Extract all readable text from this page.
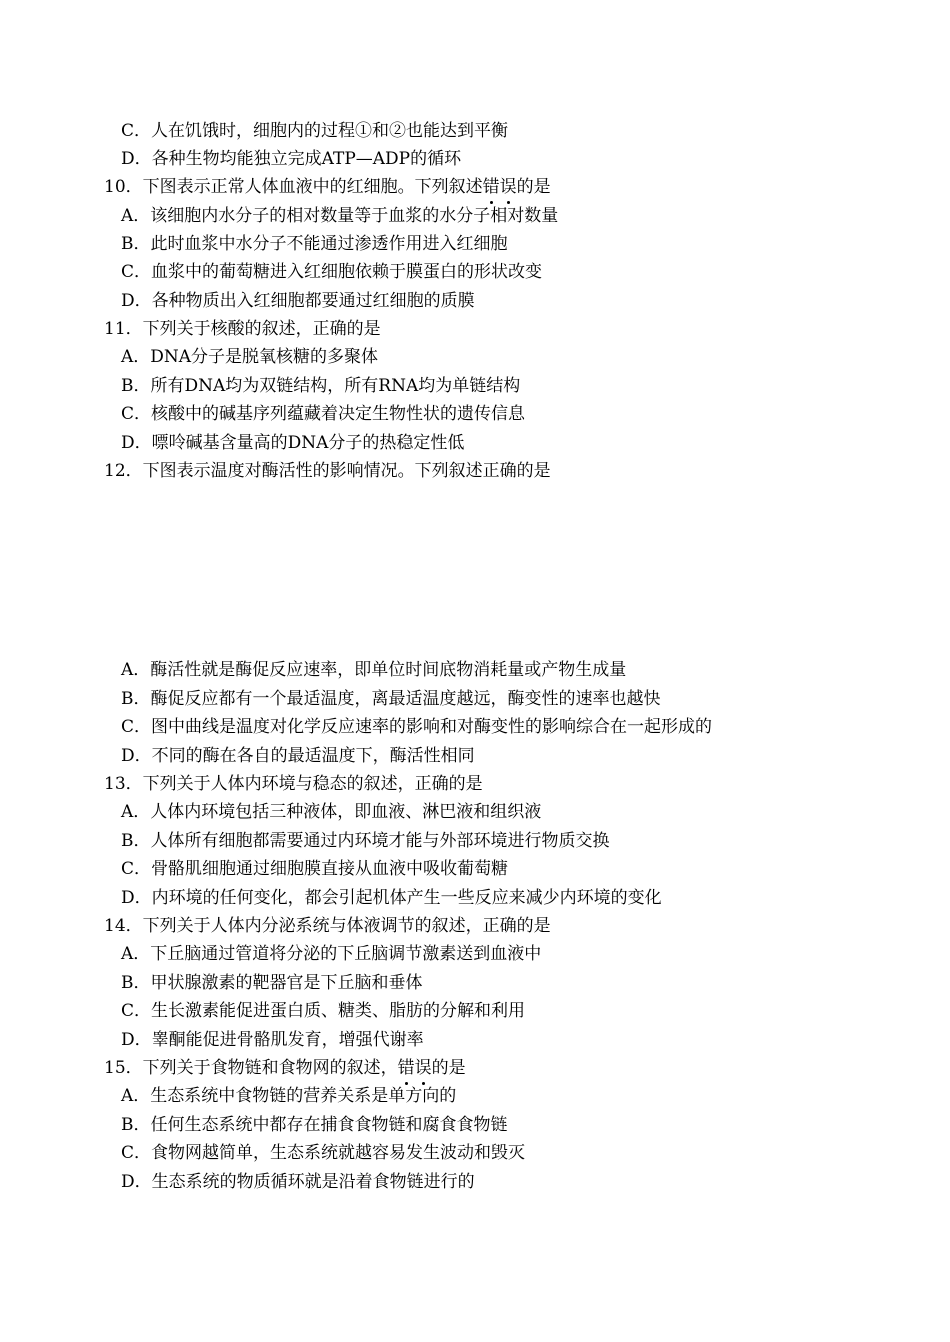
C．人在饥饿时，细胞内的过程①和②也能达到平衡
D．各种生物均能独立完成ATP—ADP的循环
10．下图表示正常人体血液中的红细胞。下列叙述错误的是
A．该细胞内水分子的相对数量等于血浆的水分子相对数量
B．此时血浆中水分子不能通过渗透作用进入红细胞
C．血浆中的葡萄糖进入红细胞依赖于膜蛋白的形状改变
D．各种物质出入红细胞都要通过红细胞的质膜
11．下列关于核酸的叙述，正确的是
A．DNA分子是脱氧核糖的多聚体
B．所有DNA均为双链结构，所有RNA均为单链结构
C．核酸中的碱基序列蕴藏着决定生物性状的遗传信息
D．嘌呤碱基含量高的DNA分子的热稳定性低
12．下图表示温度对酶活性的影响情况。下列叙述正确的是
A．酶活性就是酶促反应速率，即单位时间底物消耗量或产物生成量
B．酶促反应都有一个最适温度，离最适温度越远，酶变性的速率也越快
C．图中曲线是温度对化学反应速率的影响和对酶变性的影响综合在一起形成的
D．不同的酶在各自的最适温度下，酶活性相同
13．下列关于人体内环境与稳态的叙述，正确的是
A．人体内环境包括三种液体，即血液、淋巴液和组织液
B．人体所有细胞都需要通过内环境才能与外部环境进行物质交换
C．骨骼肌细胞通过细胞膜直接从血液中吸收葡萄糖
D．内环境的任何变化，都会引起机体产生一些反应来减少内环境的变化
14．下列关于人体内分泌系统与体液调节的叙述，正确的是
A．下丘脑通过管道将分泌的下丘脑调节激素送到血液中
B．甲状腺激素的靶器官是下丘脑和垂体
C．生长激素能促进蛋白质、糖类、脂肪的分解和利用
D．睾酮能促进骨骼肌发育，增强代谢率
15．下列关于食物链和食物网的叙述，错误的是
A．生态系统中食物链的营养关系是单方向的
B．任何生态系统中都存在捕食食物链和腐食食物链
C．食物网越简单，生态系统就越容易发生波动和毁灭
D．生态系统的物质循环就是沿着食物链进行的
